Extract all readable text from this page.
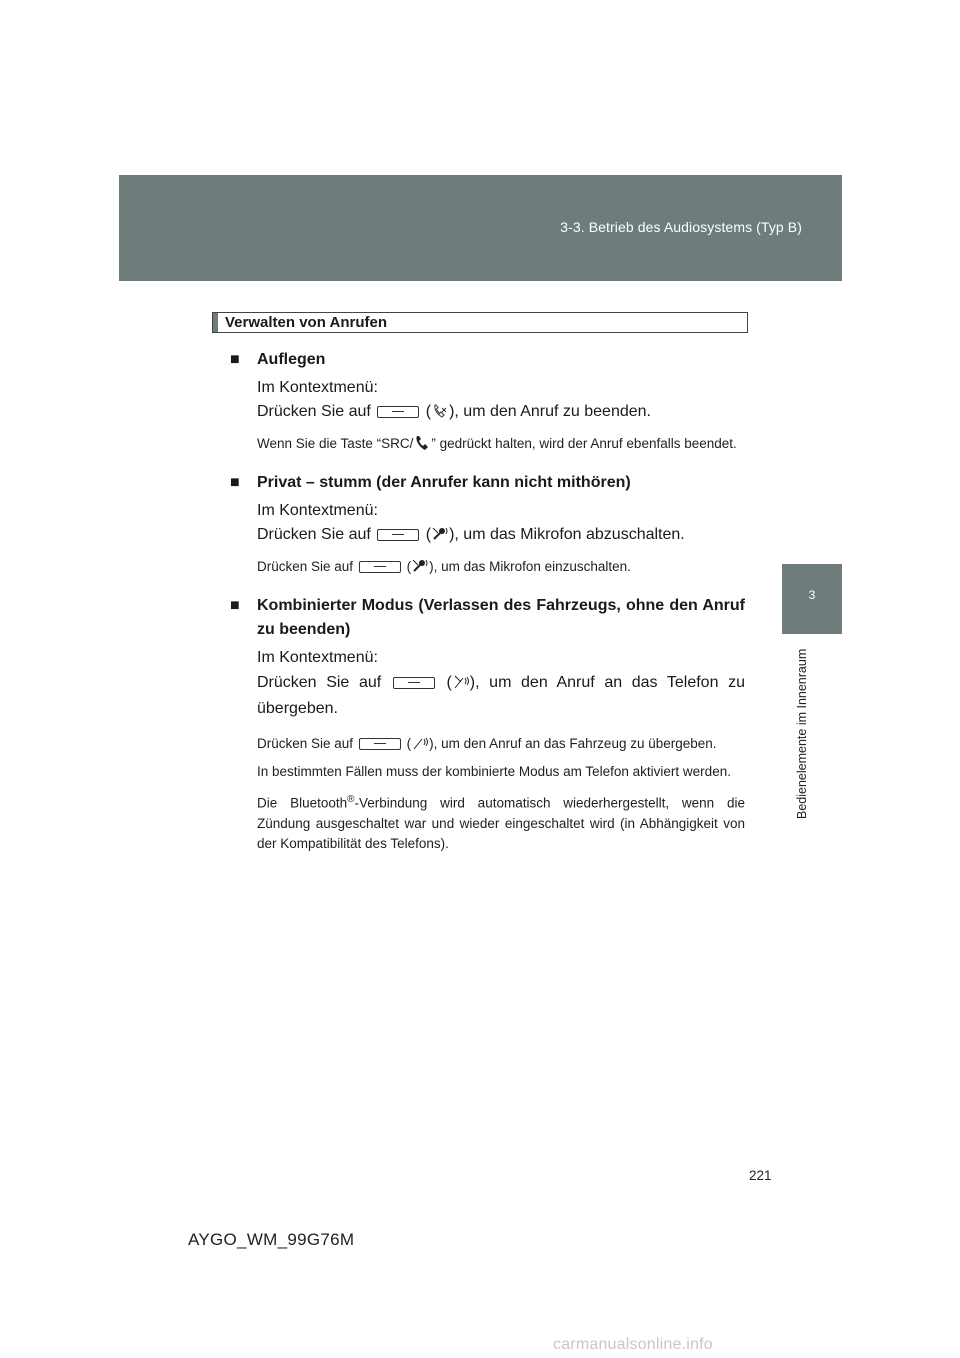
3-3. Betrieb des Audiosystems (Typ B)
3
Bedienelemente im Innenraum
Verwalten von Anrufen

■ Auflegen

Im Kontextmenü:

Drücken Sie auf	( ), um den Anruf zu beenden.

Wenn Sie die Taste “SRC/ ” gedrückt halten, wird der Anruf ebenfalls beendet.

■ Privat – stumm (der Anrufer kann nicht mithören)

Im Kontextmenü:

Drücken Sie auf	( ), um das Mikrofon abzuschalten.

Drücken Sie auf	( ), um das Mikrofon einzuschalten.

■ Kombinierter Modus (Verlassen des Fahrzeugs, ohne den Anruf zu beenden)

Im Kontextmenü:

Drücken Sie auf	( ), um den Anruf an das Telefon zu übergeben.

Drücken Sie auf	( ), um den Anruf an das Fahrzeug zu übergeben.

In bestimmten Fällen muss der kombinierte Modus am Telefon aktiviert werden.

Die Bluetooth®-Verbindung wird automatisch wiederhergestellt, wenn die Zündung ausgeschaltet war und wieder eingeschaltet wird (in Abhängigkeit von der Kompatibilität des Telefons).

221
AYGO_WM_99G76M
carmanualsonline.info
